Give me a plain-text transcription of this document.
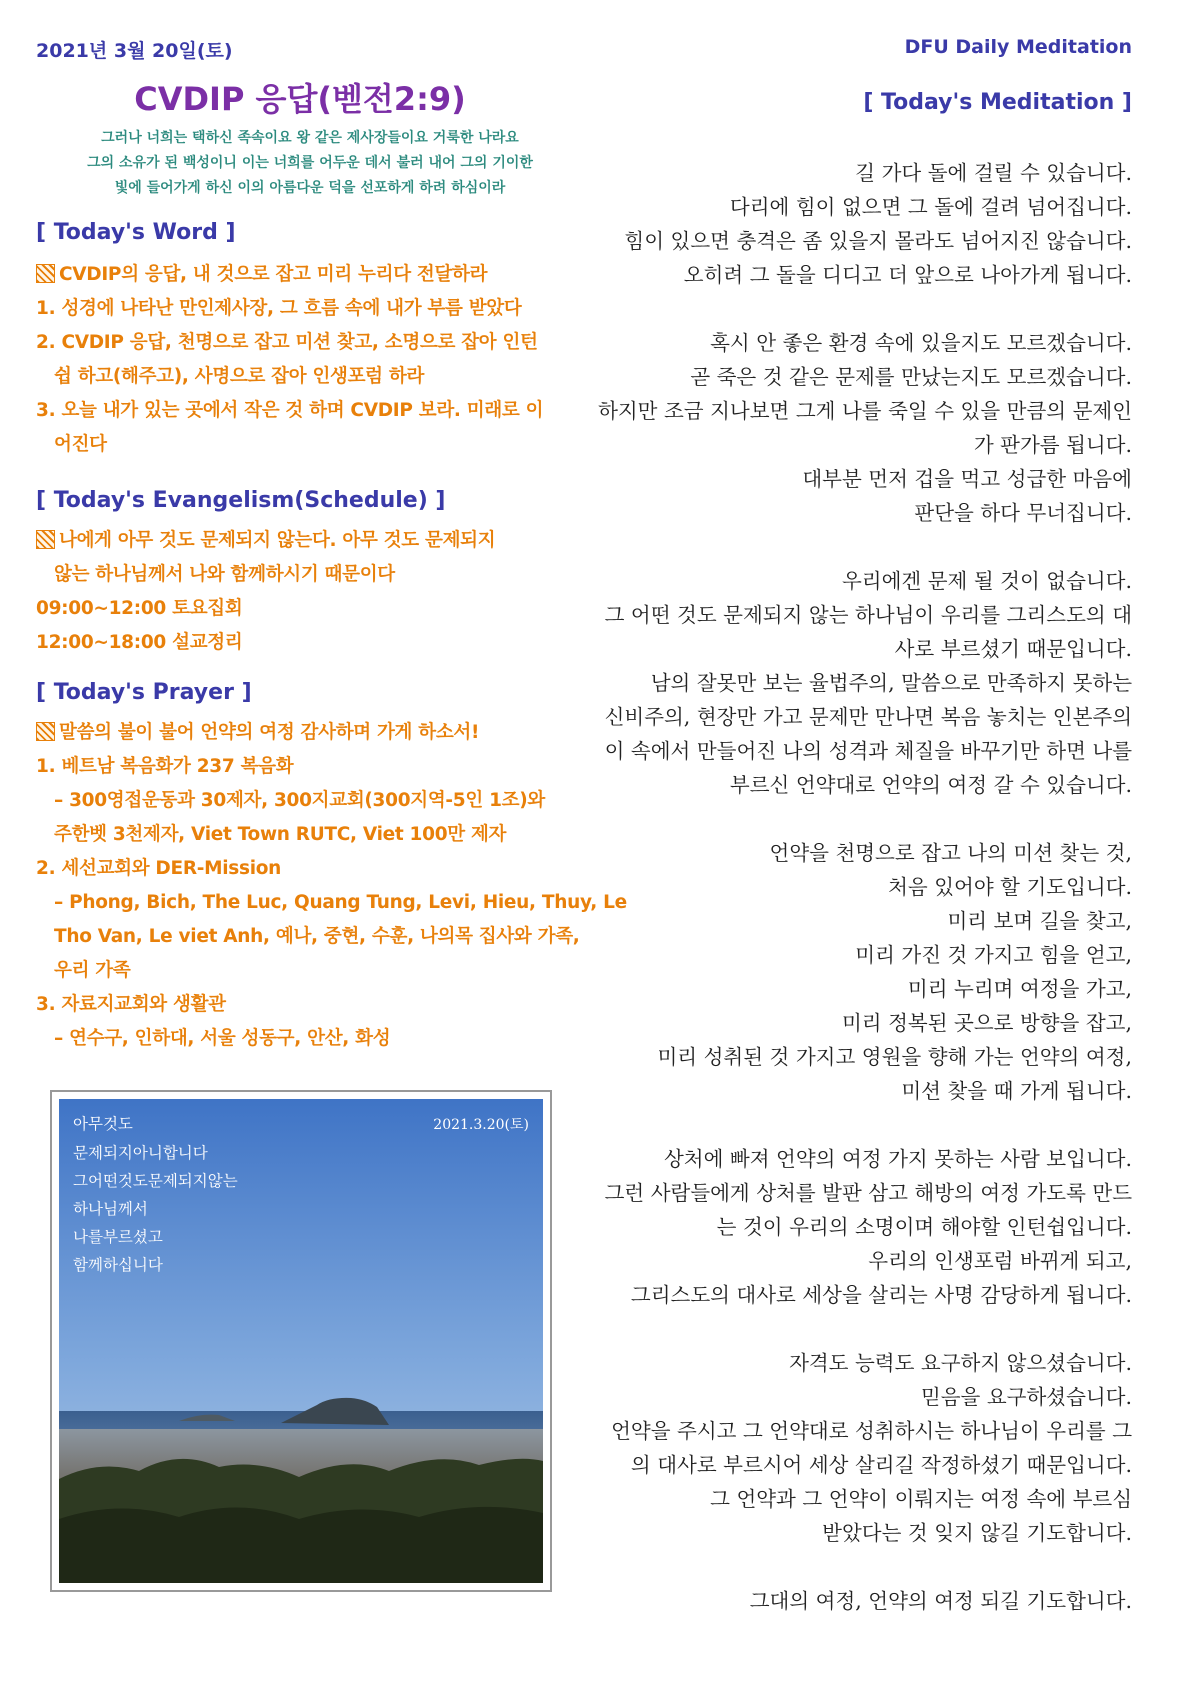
2021년 3월 20일(토)	DFU Daily Meditation
CVDIP 응답(벧전2:9)
그러나 너희는 택하신 족속이요 왕 같은 제사장들이요 거룩한 나라요
그의 소유가 된 백성이니 이는 너희를 어두운 데서 불러 내어 그의 기이한
빛에 들어가게 하신 이의 아름다운 덕을 선포하게 하려 하심이라
[ Today's Word ]
CVDIP의 응답, 내 것으로 잡고 미리 누리다 전달하라
1. 성경에 나타난 만인제사장, 그 흐름 속에 내가 부름 받았다
2. CVDIP 응답, 천명으로 잡고 미션 찾고, 소명으로 잡아 인턴
쉽 하고(해주고), 사명으로 잡아 인생포럼 하라
3. 오늘 내가 있는 곳에서 작은 것 하며 CVDIP 보라. 미래로 이
어진다
[ Today's Evangelism(Schedule) ]
나에게 아무 것도 문제되지 않는다. 아무 것도 문제되지
않는 하나님께서 나와 함께하시기 때문이다
09:00~12:00 토요집회
12:00~18:00 설교정리
[ Today's Prayer ]
말씀의 불이 불어 언약의 여정 감사하며 가게 하소서!
1. 베트남 복음화가 237 복음화
– 300영접운동과 30제자, 300지교회(300지역-5인 1조)와
주한벳 3천제자, Viet Town RUTC, Viet 100만 제자
2. 세선교회와 DER-Mission
– Phong, Bich, The Luc, Quang Tung, Levi, Hieu, Thuy, Le
Tho Van, Le viet Anh, 예나, 중현, 수훈, 나의목 집사와 가족,
우리 가족
3. 자료지교회와 생활관
– 연수구, 인하대, 서울 성동구, 안산, 화성
아무것도
문제되지아니합니다
그어떤것도문제되지않는
하나님께서
나를부르셨고
함께하십니다
2021.3.20(토)
[ Today's Meditation ]
길 가다 돌에 걸릴 수 있습니다.
다리에 힘이 없으면 그 돌에 걸려 넘어집니다.
힘이 있으면 충격은 좀 있을지 몰라도 넘어지진 않습니다.
오히려 그 돌을 디디고 더 앞으로 나아가게 됩니다.
혹시 안 좋은 환경 속에 있을지도 모르겠습니다.
곧 죽은 것 같은 문제를 만났는지도 모르겠습니다.
하지만 조금 지나보면 그게 나를 죽일 수 있을 만큼의 문제인
가 판가름 됩니다.
대부분 먼저 겁을 먹고 성급한 마음에
판단을 하다 무너집니다.
우리에겐 문제 될 것이 없습니다.
그 어떤 것도 문제되지 않는 하나님이 우리를 그리스도의 대
사로 부르셨기 때문입니다.
남의 잘못만 보는 율법주의, 말씀으로 만족하지 못하는
신비주의, 현장만 가고 문제만 만나면 복음 놓치는 인본주의
이 속에서 만들어진 나의 성격과 체질을 바꾸기만 하면 나를
부르신 언약대로 언약의 여정 갈 수 있습니다.
언약을 천명으로 잡고 나의 미션 찾는 것,
처음 있어야 할 기도입니다.
미리 보며 길을 찾고,
미리 가진 것 가지고 힘을 얻고,
미리 누리며 여정을 가고,
미리 정복된 곳으로 방향을 잡고,
미리 성취된 것 가지고 영원을 향해 가는 언약의 여정,
미션 찾을 때 가게 됩니다.
상처에 빠져 언약의 여정 가지 못하는 사람 보입니다.
그런 사람들에게 상처를 발판 삼고 해방의 여정 가도록 만드
는 것이 우리의 소명이며 해야할 인턴쉽입니다.
우리의 인생포럼 바뀌게 되고,
그리스도의 대사로 세상을 살리는 사명 감당하게 됩니다.
자격도 능력도 요구하지 않으셨습니다.
믿음을 요구하셨습니다.
언약을 주시고 그 언약대로 성취하시는 하나님이 우리를 그
의 대사로 부르시어 세상 살리길 작정하셨기 때문입니다.
그 언약과 그 언약이 이뤄지는 여정 속에 부르심
받았다는 것 잊지 않길 기도합니다.
그대의 여정, 언약의 여정 되길 기도합니다.
